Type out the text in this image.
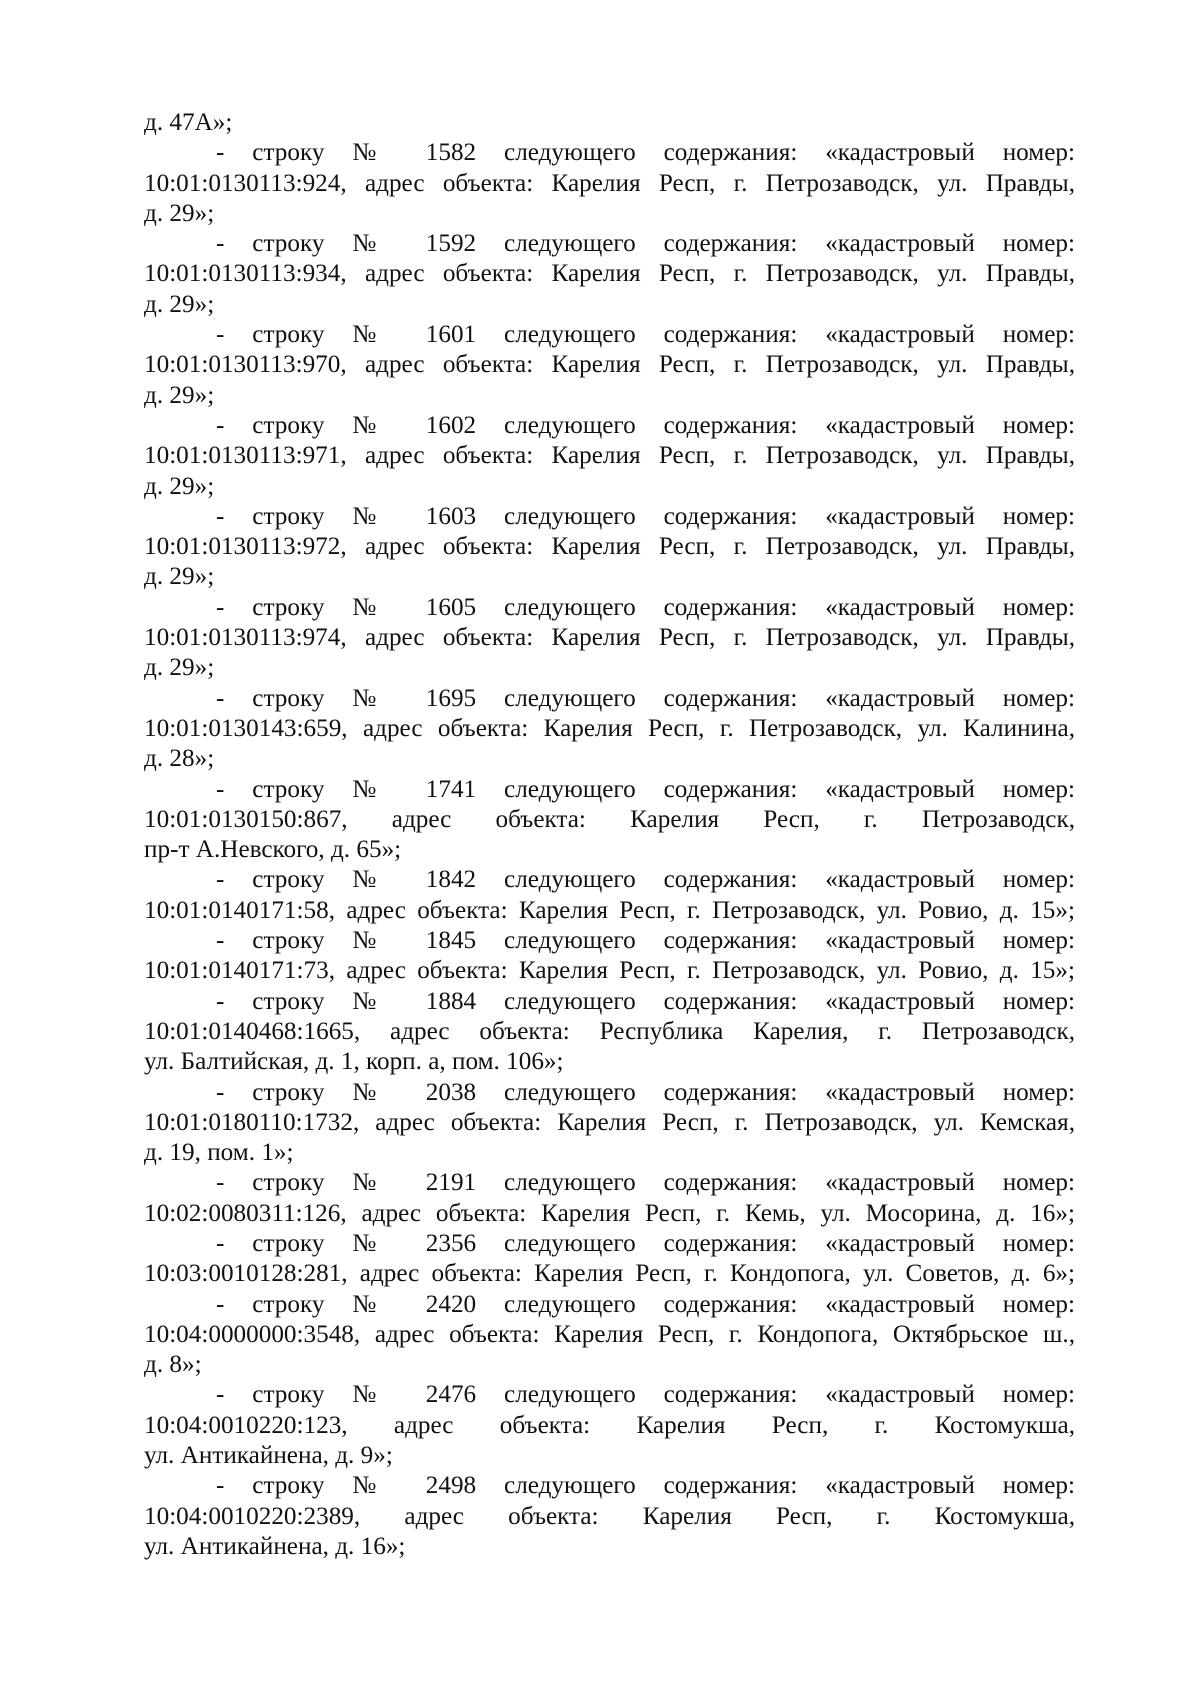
д. 47А»;
- строку № 1582 следующего содержания: «кадастровый номер:
10:01:0130113:924, адрес объекта: Карелия Респ, г. Петрозаводск, ул. Правды,
д. 29»;
- строку № 1592 следующего содержания: «кадастровый номер:
10:01:0130113:934, адрес объекта: Карелия Респ, г. Петрозаводск, ул. Правды,
д. 29»;
- строку № 1601 следующего содержания: «кадастровый номер:
10:01:0130113:970, адрес объекта: Карелия Респ, г. Петрозаводск, ул. Правды,
д. 29»;
- строку № 1602 следующего содержания: «кадастровый номер:
10:01:0130113:971, адрес объекта: Карелия Респ, г. Петрозаводск, ул. Правды,
д. 29»;
- строку № 1603 следующего содержания: «кадастровый номер:
10:01:0130113:972, адрес объекта: Карелия Респ, г. Петрозаводск, ул. Правды,
д. 29»;
- строку № 1605 следующего содержания: «кадастровый номер:
10:01:0130113:974, адрес объекта: Карелия Респ, г. Петрозаводск, ул. Правды,
д. 29»;
- строку № 1695 следующего содержания: «кадастровый номер:
10:01:0130143:659, адрес объекта: Карелия Респ, г. Петрозаводск, ул. Калинина,
д. 28»;
- строку № 1741 следующего содержания: «кадастровый номер:
10:01:0130150:867, адрес объекта: Карелия Респ, г. Петрозаводск,
пр-т А.Невского, д. 65»;
- строку № 1842 следующего содержания: «кадастровый номер:
10:01:0140171:58, адрес объекта: Карелия Респ, г. Петрозаводск, ул. Ровио, д. 15»;
- строку № 1845 следующего содержания: «кадастровый номер:
10:01:0140171:73, адрес объекта: Карелия Респ, г. Петрозаводск, ул. Ровио, д. 15»;
- строку № 1884 следующего содержания: «кадастровый номер:
10:01:0140468:1665, адрес объекта: Республика Карелия, г. Петрозаводск,
ул. Балтийская, д. 1, корп. а, пом. 106»;
- строку № 2038 следующего содержания: «кадастровый номер:
10:01:0180110:1732, адрес объекта: Карелия Респ, г. Петрозаводск, ул. Кемская,
д. 19, пом. 1»;
- строку № 2191 следующего содержания: «кадастровый номер:
10:02:0080311:126, адрес объекта: Карелия Респ, г. Кемь, ул. Мосорина, д. 16»;
- строку № 2356 следующего содержания: «кадастровый номер:
10:03:0010128:281, адрес объекта: Карелия Респ, г. Кондопога, ул. Советов, д. 6»;
- строку № 2420 следующего содержания: «кадастровый номер:
10:04:0000000:3548, адрес объекта: Карелия Респ, г. Кондопога, Октябрьское ш.,
д. 8»;
- строку № 2476 следующего содержания: «кадастровый номер:
10:04:0010220:123, адрес объекта: Карелия Респ, г. Костомукша,
ул. Антикайнена, д. 9»;
- строку № 2498 следующего содержания: «кадастровый номер:
10:04:0010220:2389, адрес объекта: Карелия Респ, г. Костомукша,
ул. Антикайнена, д. 16»;
